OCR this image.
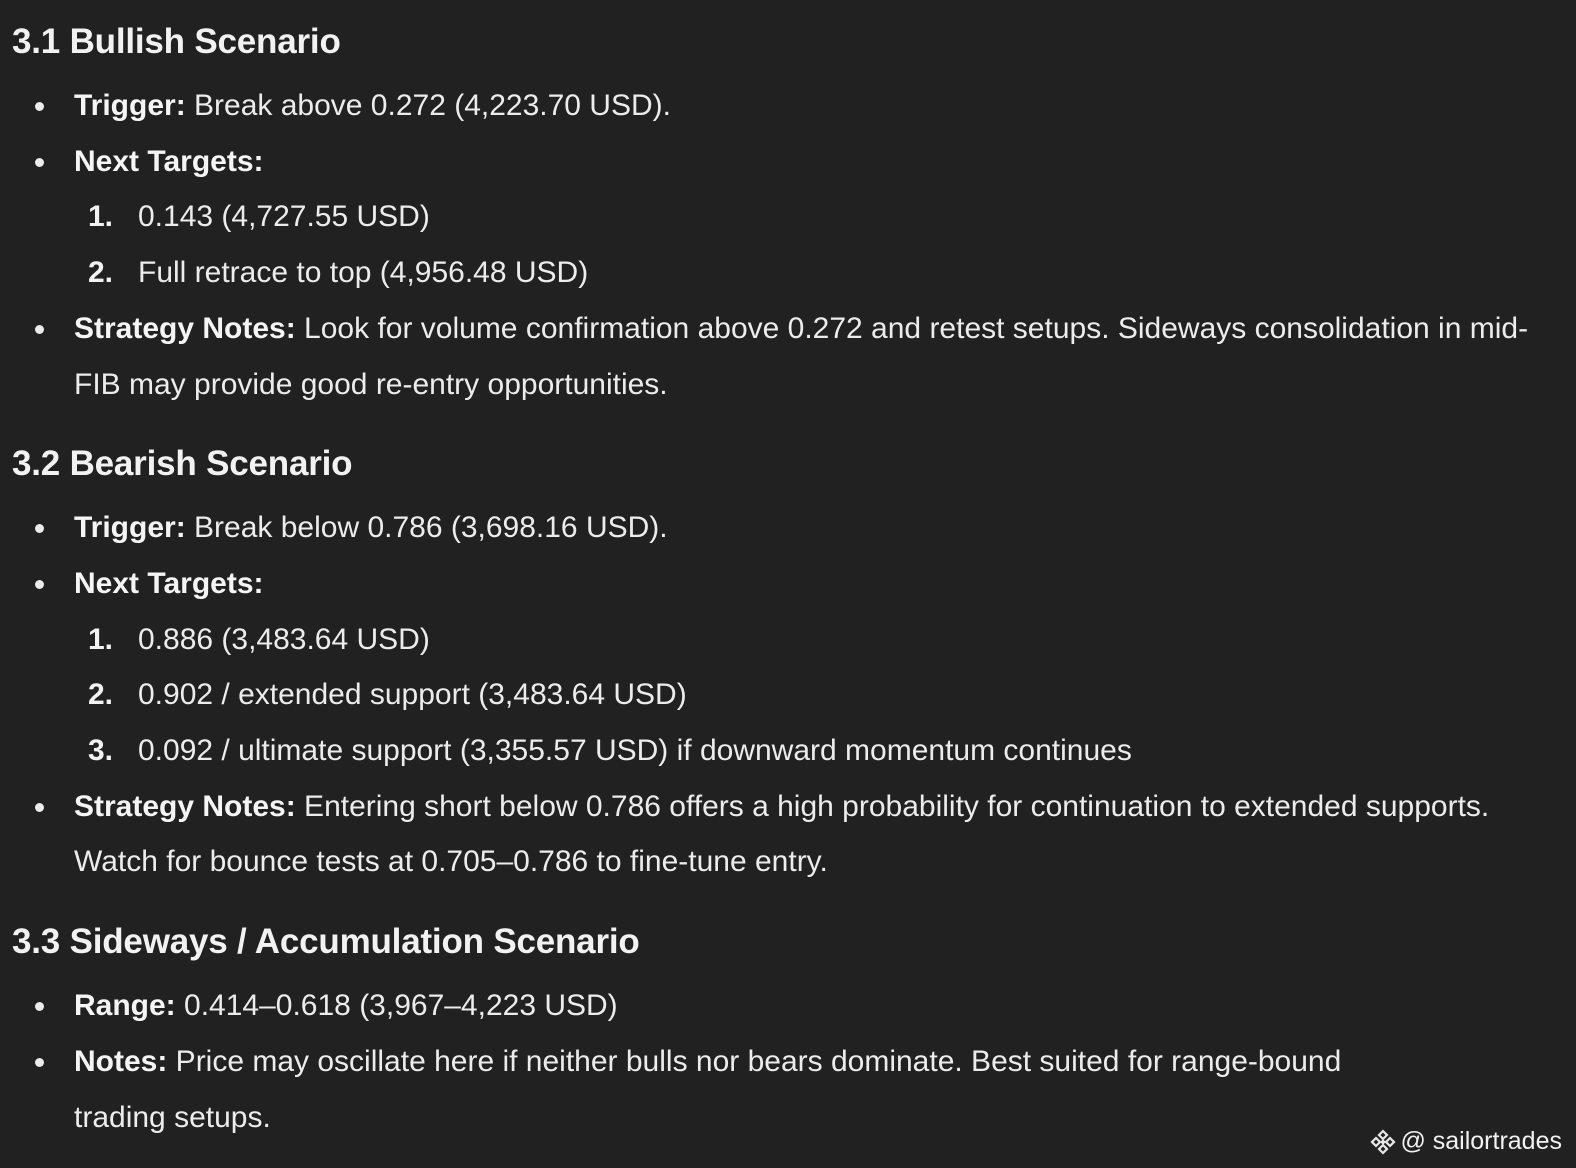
3.1 Bullish Scenario
Trigger: Break above 0.272 (4,223.70 USD).
Next Targets:
1. 0.143 (4,727.55 USD)
2. Full retrace to top (4,956.48 USD)
Strategy Notes: Look for volume confirmation above 0.272 and retest setups. Sideways consolidation in mid-FIB may provide good re-entry opportunities.
3.2 Bearish Scenario
Trigger: Break below 0.786 (3,698.16 USD).
Next Targets:
1. 0.886 (3,483.64 USD)
2. 0.902 / extended support (3,483.64 USD)
3. 0.092 / ultimate support (3,355.57 USD) if downward momentum continues
Strategy Notes: Entering short below 0.786 offers a high probability for continuation to extended supports. Watch for bounce tests at 0.705–0.786 to fine-tune entry.
3.3 Sideways / Accumulation Scenario
Range: 0.414–0.618 (3,967–4,223 USD)
Notes: Price may oscillate here if neither bulls nor bears dominate. Best suited for range-bound trading setups.
@ sailortrades
